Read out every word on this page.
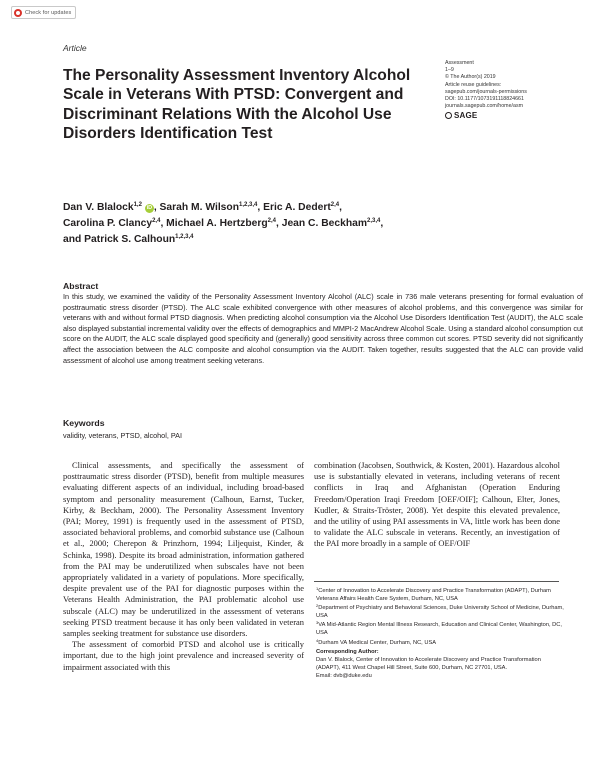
Check for updates
Article
The Personality Assessment Inventory Alcohol Scale in Veterans With PTSD: Convergent and Discriminant Relations With the Alcohol Use Disorders Identification Test
Assessment
1–9
© The Author(s) 2019
Article reuse guidelines:
sagepub.com/journals-permissions
DOI: 10.1177/1073191118824661
journals.sagepub.com/home/asm
SAGE
Dan V. Blalock$^{1,2}$ iD , Sarah M. Wilson$^{1,2,3,4}$, Eric A. Dedert$^{2,4}$,
Carolina P. Clancy$^{2,4}$, Michael A. Hertzberg$^{2,4}$, Jean C. Beckham$^{2,3,4}$,
and Patrick S. Calhoun$^{1,2,3,4}$
Abstract

In this study, we examined the validity of the Personality Assessment Inventory Alcohol (ALC) scale in 736 male veterans presenting for formal evaluation of posttraumatic stress disorder (PTSD). The ALC scale exhibited convergence with other measures of alcohol problems, and this convergence was similar for veterans with and without formal PTSD diagnosis. When predicting alcohol consumption via the Alcohol Use Disorders Identification Test (AUDIT), the ALC scale also displayed substantial incremental validity over the effects of demographics and MMPI-2 MacAndrew Alcohol Scale. Using a standard alcohol consumption cut score on the AUDIT, the ALC scale displayed good specificity and (generally) good sensitivity across three common cut scores. PTSD severity did not significantly affect the association between the ALC composite and alcohol consumption via the AUDIT. Taken together, results suggested that the ALC can provide valid assessment of alcohol use among treatment seeking veterans.

Keywords
validity, veterans, PTSD, alcohol, PAI

Clinical assessments, and specifically the assessment of posttraumatic stress disorder (PTSD), benefit from multiple measures evaluating different aspects of an individual, including broad-based symptom and personality measurement (Calhoun, Earnst, Tucker, Kirby, & Beckham, 2000). The Personality Assessment Inventory (PAI; Morey, 1991) is frequently used in the assessment of PTSD, associated behavioral problems, and comorbid substance use (Calhoun et al., 2000; Cherepon & Prinzhorn, 1994; Liljequist, Kinder, & Schinka, 1998). Despite its broad administration, information gathered from the PAI may be underutilized when subscales have not been appropriately validated in a variety of populations. More specifically, despite prevalent use of the PAI for diagnostic purposes within the Veterans Health Administration, the PAI problematic alcohol use subscale (ALC) may be underutilized in the assessment of veterans seeking PTSD treatment because it has only been validated in veteran samples seeking treatment for substance use disorders.

The assessment of comorbid PTSD and alcohol use is critically important, due to the high joint prevalence and increased severity of impairment associated with this

combination (Jacobsen, Southwick, & Kosten, 2001). Hazardous alcohol use is substantially elevated in veterans, including veterans of recent conflicts in Iraq and Afghanistan (Operation Enduring Freedom/Operation Iraqi Freedom [OEF/OIF]; Calhoun, Elter, Jones, Kudler, & Straits-Tröster, 2008). Yet despite this elevated prevalence, and the utility of using PAI assessments in VA, little work has been done to validate the ALC subscale in veterans. Recently, an investigation of the PAI more broadly in a sample of OEF/OIF

$^1$Center of Innovation to Accelerate Discovery and Practice Transformation (ADAPT), Durham Veterans Affairs Health Care System, Durham, NC, USA
$^2$Department of Psychiatry and Behavioral Sciences, Duke University School of Medicine, Durham, USA
$^3$VA Mid-Atlantic Region Mental Illness Research, Education and Clinical Center, Washington, DC, USA
$^4$Durham VA Medical Center, Durham, NC, USA
Corresponding Author:
Dan V. Blalock, Center of Innovation to Accelerate Discovery and Practice Transformation (ADAPT), 411 West Chapel Hill Street, Suite 600, Durham, NC 27701, USA.
Email: dvb@duke.edu
